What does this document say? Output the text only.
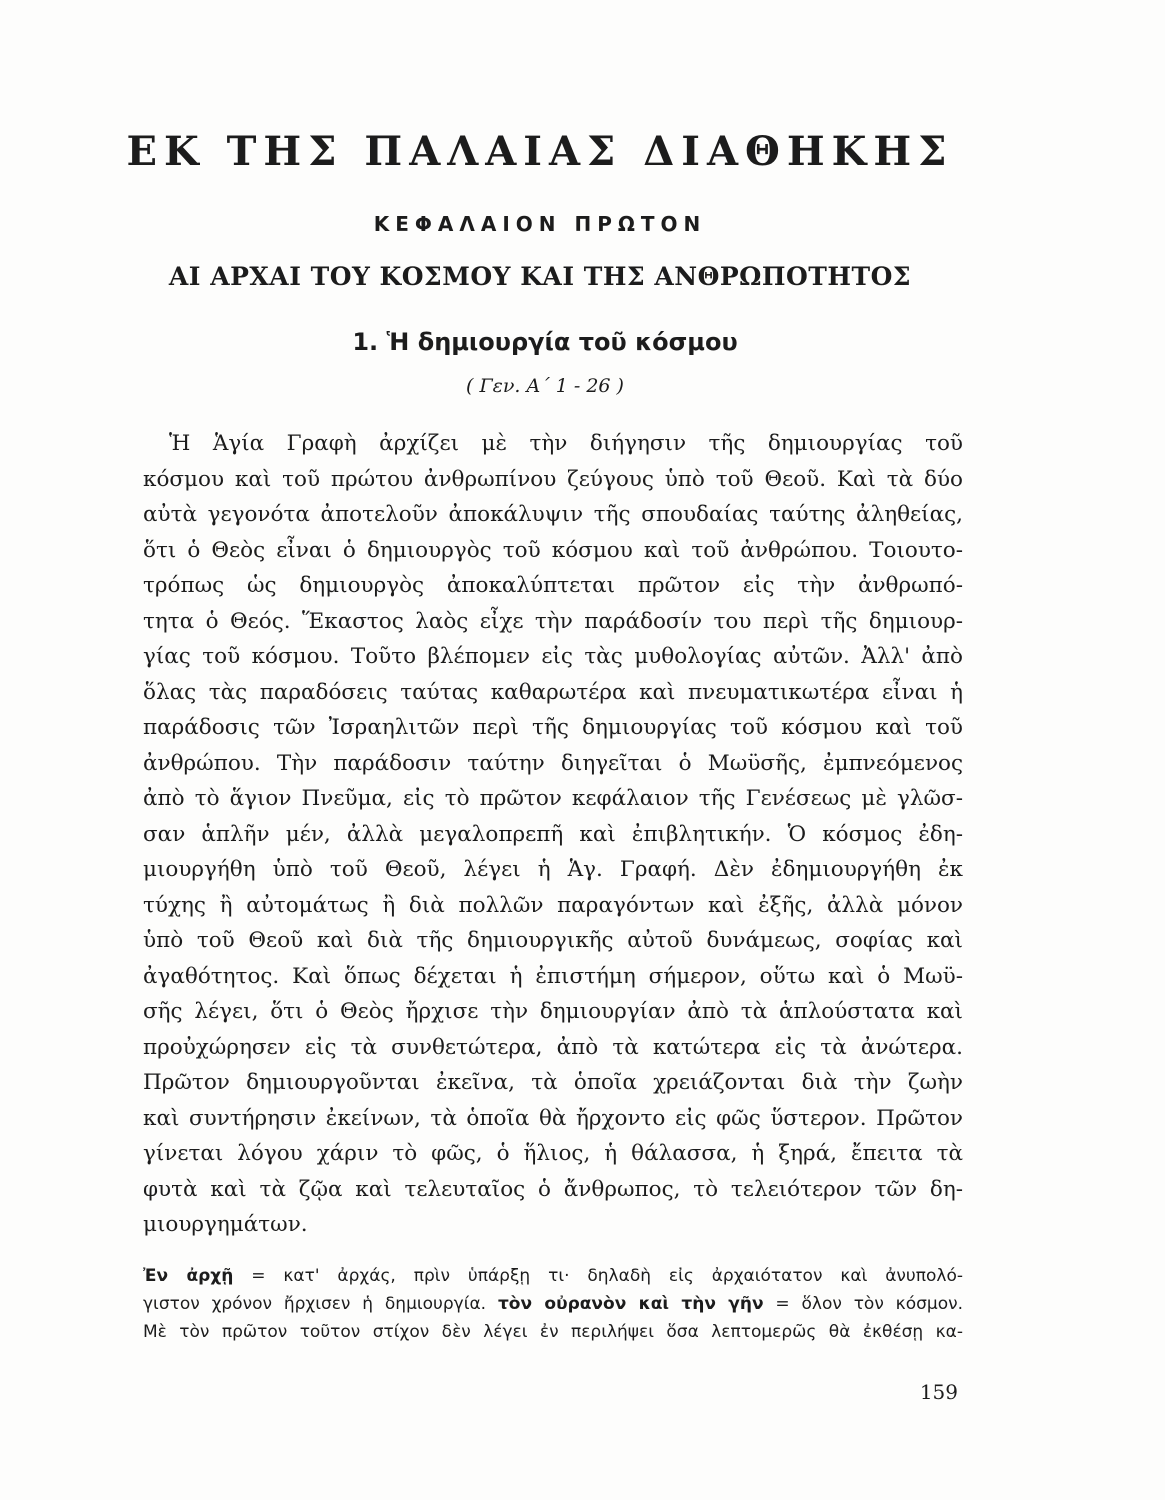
ΕΚ ΤΗΣ ΠΑΛΑΙΑΣ ΔΙΑΘΗΚΗΣ
ΚΕΦΑΛΑΙΟΝ ΠΡΩΤΟΝ
ΑΙ ΑΡΧΑΙ ΤΟΥ ΚΟΣΜΟΥ ΚΑΙ ΤΗΣ ΑΝΘΡΩΠΟΤΗΤΟΣ
1. Ἡ δημιουργία τοῦ κόσμου

( Γεν. Α΄ 1 - 26 )

Ἡ Ἁγία Γραφὴ ἀρχίζει μὲ τὴν διήγησιν τῆς δημιουργίας τοῦ
κόσμου καὶ τοῦ πρώτου ἀνθρωπίνου ζεύγους ὑπὸ τοῦ Θεοῦ. Καὶ τὰ δύο
αὐτὰ γεγονότα ἀποτελοῦν ἀποκάλυψιν τῆς σπουδαίας ταύτης ἀληθείας,
ὅτι ὁ Θεὸς εἶναι ὁ δημιουργὸς τοῦ κόσμου καὶ τοῦ ἀνθρώπου. Τοιουτο-
τρόπως ὡς δημιουργὸς ἀποκαλύπτεται πρῶτον εἰς τὴν ἀνθρωπό-
τητα ὁ Θεός. Ἕκαστος λαὸς εἶχε τὴν παράδοσίν του περὶ τῆς δημιουρ-
γίας τοῦ κόσμου. Τοῦτο βλέπομεν εἰς τὰς μυθολογίας αὐτῶν. Ἀλλ' ἀπὸ
ὅλας τὰς παραδόσεις ταύτας καθαρωτέρα καὶ πνευματικωτέρα εἶναι ἡ
παράδοσις τῶν Ἰσραηλιτῶν περὶ τῆς δημιουργίας τοῦ κόσμου καὶ τοῦ
ἀνθρώπου. Τὴν παράδοσιν ταύτην διηγεῖται ὁ Μωϋσῆς, ἐμπνεόμενος
ἀπὸ τὸ ἅγιον Πνεῦμα, εἰς τὸ πρῶτον κεφάλαιον τῆς Γενέσεως μὲ γλῶσ-
σαν ἁπλῆν μέν, ἀλλὰ μεγαλοπρεπῆ καὶ ἐπιβλητικήν. Ὁ κόσμος ἐδη-
μιουργήθη ὑπὸ τοῦ Θεοῦ, λέγει ἡ Ἁγ. Γραφή. Δὲν ἐδημιουργήθη ἐκ
τύχης ἢ αὐτομάτως ἢ διὰ πολλῶν παραγόντων καὶ ἐξῆς, ἀλλὰ μόνον
ὑπὸ τοῦ Θεοῦ καὶ διὰ τῆς δημιουργικῆς αὐτοῦ δυνάμεως, σοφίας καὶ
ἀγαθότητος. Καὶ ὅπως δέχεται ἡ ἐπιστήμη σήμερον, οὕτω καὶ ὁ Μωϋ-
σῆς λέγει, ὅτι ὁ Θεὸς ἤρχισε τὴν δημιουργίαν ἀπὸ τὰ ἁπλούστατα καὶ
προὐχώρησεν εἰς τὰ συνθετώτερα, ἀπὸ τὰ κατώτερα εἰς τὰ ἀνώτερα.
Πρῶτον δημιουργοῦνται ἐκεῖνα, τὰ ὁποῖα χρειάζονται διὰ τὴν ζωὴν
καὶ συντήρησιν ἐκείνων, τὰ ὁποῖα θὰ ἤρχοντο εἰς φῶς ὕστερον. Πρῶτον
γίνεται λόγου χάριν τὸ φῶς, ὁ ἥλιος, ἡ θάλασσα, ἡ ξηρά, ἔπειτα τὰ
φυτὰ καὶ τὰ ζῷα καὶ τελευταῖος ὁ ἄνθρωπος, τὸ τελειότερον τῶν δη-
μιουργημάτων.
Ἐν ἀρχῇ = κατ' ἀρχάς, πρὶν ὑπάρξῃ τι· δηλαδὴ εἰς ἀρχαιότατον καὶ ἀνυπολό-
γιστον χρόνον ἤρχισεν ἡ δημιουργία. τὸν οὐρανὸν καὶ τὴν γῆν = ὅλον τὸν κόσμον.
Μὲ τὸν πρῶτον τοῦτον στίχον δὲν λέγει ἐν περιλήψει ὅσα λεπτομερῶς θὰ ἐκθέσῃ κα-

159
